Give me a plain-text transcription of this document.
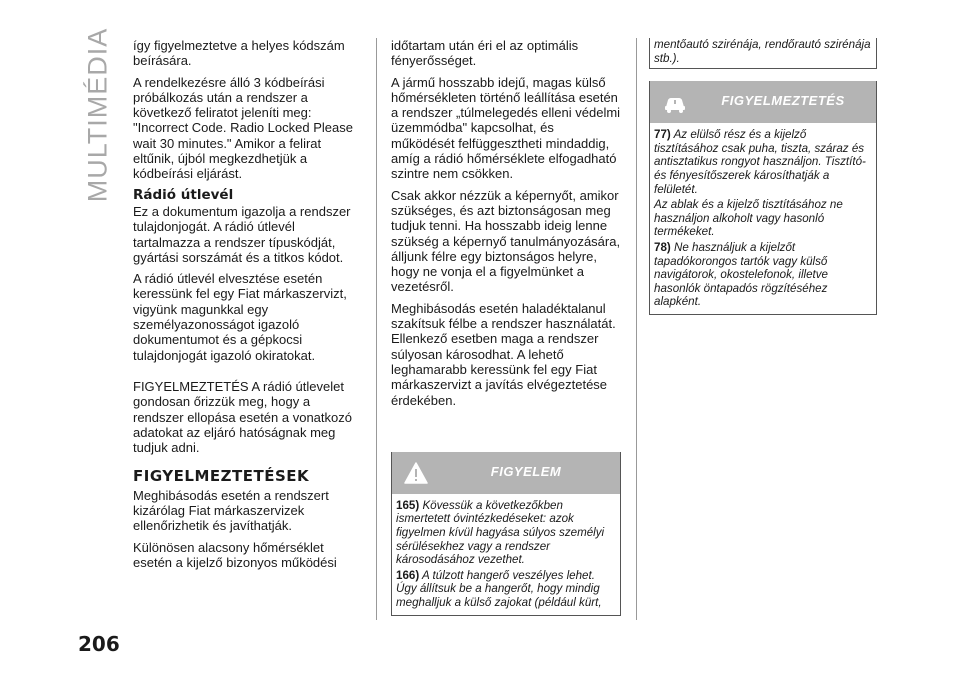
MULTIMÉDIA
206

így figyelmeztetve a helyes kódszám beírására.

A rendelkezésre álló 3 kódbeírási próbálkozás után a rendszer a következő feliratot jeleníti meg: "Incorrect Code. Radio Locked Please wait 30 minutes." Amikor a felirat eltűnik, újból megkezdhetjük a kódbeírási eljárást.

Rádió útlevél

Ez a dokumentum igazolja a rendszer tulajdonjogát. A rádió útlevél tartalmazza a rendszer típuskódját, gyártási sorszámát és a titkos kódot.

A rádió útlevél elvesztése esetén keressünk fel egy Fiat márkaszervizt, vigyünk magunkkal egy személyazonosságot igazoló dokumentumot és a gépkocsi tulajdonjogát igazoló okiratokat.

FIGYELMEZTETÉS A rádió útlevelet gondosan őrizzük meg, hogy a rendszer ellopása esetén a vonatkozó adatokat az eljáró hatóságnak meg tudjuk adni.

FIGYELMEZTETÉSEK

Meghibásodás esetén a rendszert kizárólag Fiat márkaszervizek ellenőrizhetik és javíthatják.

Különösen alacsony hőmérséklet esetén a kijelző bizonyos működési

időtartam után éri el az optimális fényerősséget.

A jármű hosszabb idejű, magas külső hőmérsékleten történő leállítása esetén a rendszer „túlmelegedés elleni védelmi üzemmódba" kapcsolhat, és működését felfüggesztheti mindaddig, amíg a rádió hőmérséklete elfogadható szintre nem csökken.

Csak akkor nézzük a képernyőt, amikor szükséges, és azt biztonságosan meg tudjuk tenni. Ha hosszabb ideig lenne szükség a képernyő tanulmányozására, álljunk félre egy biztonságos helyre, hogy ne vonja el a figyelmünket a vezetésről.

Meghibásodás esetén haladéktalanul szakítsuk félbe a rendszer használatát. Ellenkező esetben maga a rendszer súlyosan károsodhat. A lehető leghamarabb keressünk fel egy Fiat márkaszervizt a javítás elvégeztetése érdekében.

FIGYELEM

165) Kövessük a következőkben ismertetett óvintézkedéseket: azok figyelmen kívül hagyása súlyos személyi sérülésekhez vagy a rendszer károsodásához vezethet.

166) A túlzott hangerő veszélyes lehet. Úgy állítsuk be a hangerőt, hogy mindig meghalljuk a külső zajokat (például kürt,

mentőautó szirénája, rendőrautó szirénája stb.).
FIGYELMEZTETÉS

77) Az elülső rész és a kijelző tisztításához csak puha, tiszta, száraz és antisztatikus rongyot használjon. Tisztító- és fényesítőszerek károsíthatják a felületét.

Az ablak és a kijelző tisztításához ne használjon alkoholt vagy hasonló termékeket.

78) Ne használjuk a kijelzőt tapadókorongos tartók vagy külső navigátorok, okostelefonok, illetve hasonlók öntapadós rögzítéséhez alapként.
